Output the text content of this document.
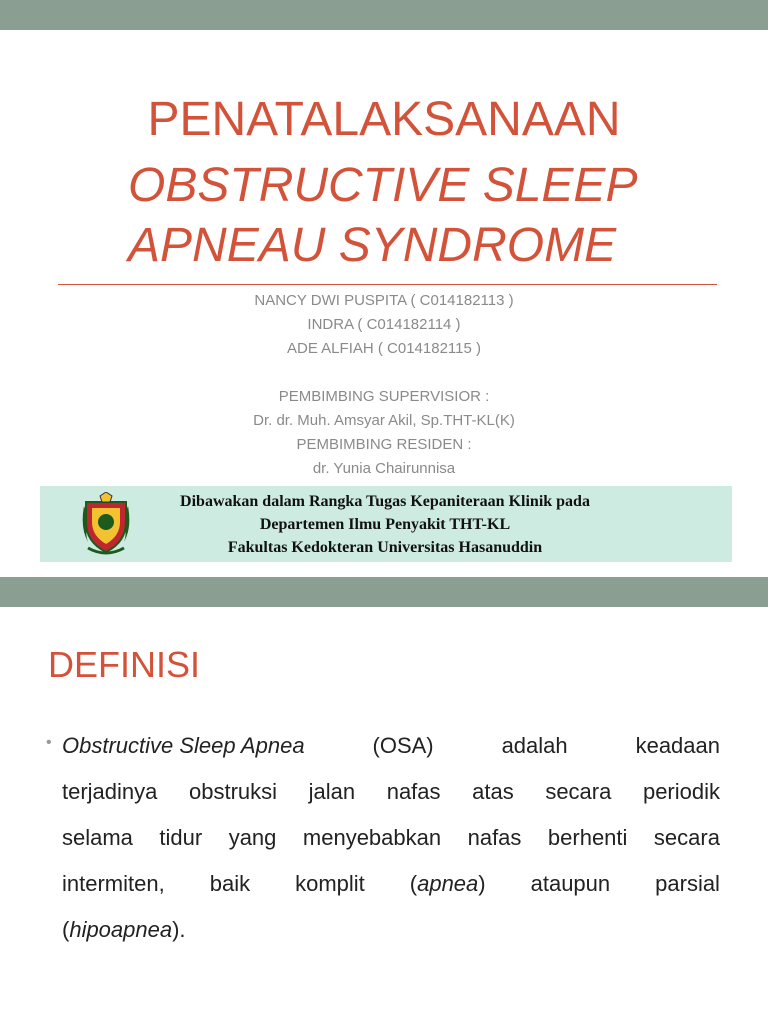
PENATALAKSANAAN
OBSTRUCTIVE SLEEP
APNEAU SYNDROME
NANCY DWI PUSPITA ( C014182113 )
INDRA ( C014182114 )
ADE ALFIAH ( C014182115 )
PEMBIMBING SUPERVISIOR :
Dr. dr. Muh. Amsyar Akil, Sp.THT-KL(K)
PEMBIMBING RESIDEN :
dr. Yunia Chairunnisa
Dibawakan dalam Rangka Tugas Kepaniteraan Klinik pada
Departemen Ilmu Penyakit THT-KL
Fakultas Kedokteran Universitas Hasanuddin
DEFINISI
• Obstructive Sleep Apnea	(OSA)	adalah	keadaan
terjadinya obstruksi jalan nafas atas secara periodik
selama tidur yang menyebabkan nafas berhenti secara
intermiten, baik komplit (apnea) ataupun parsial
(hipoapnea).
